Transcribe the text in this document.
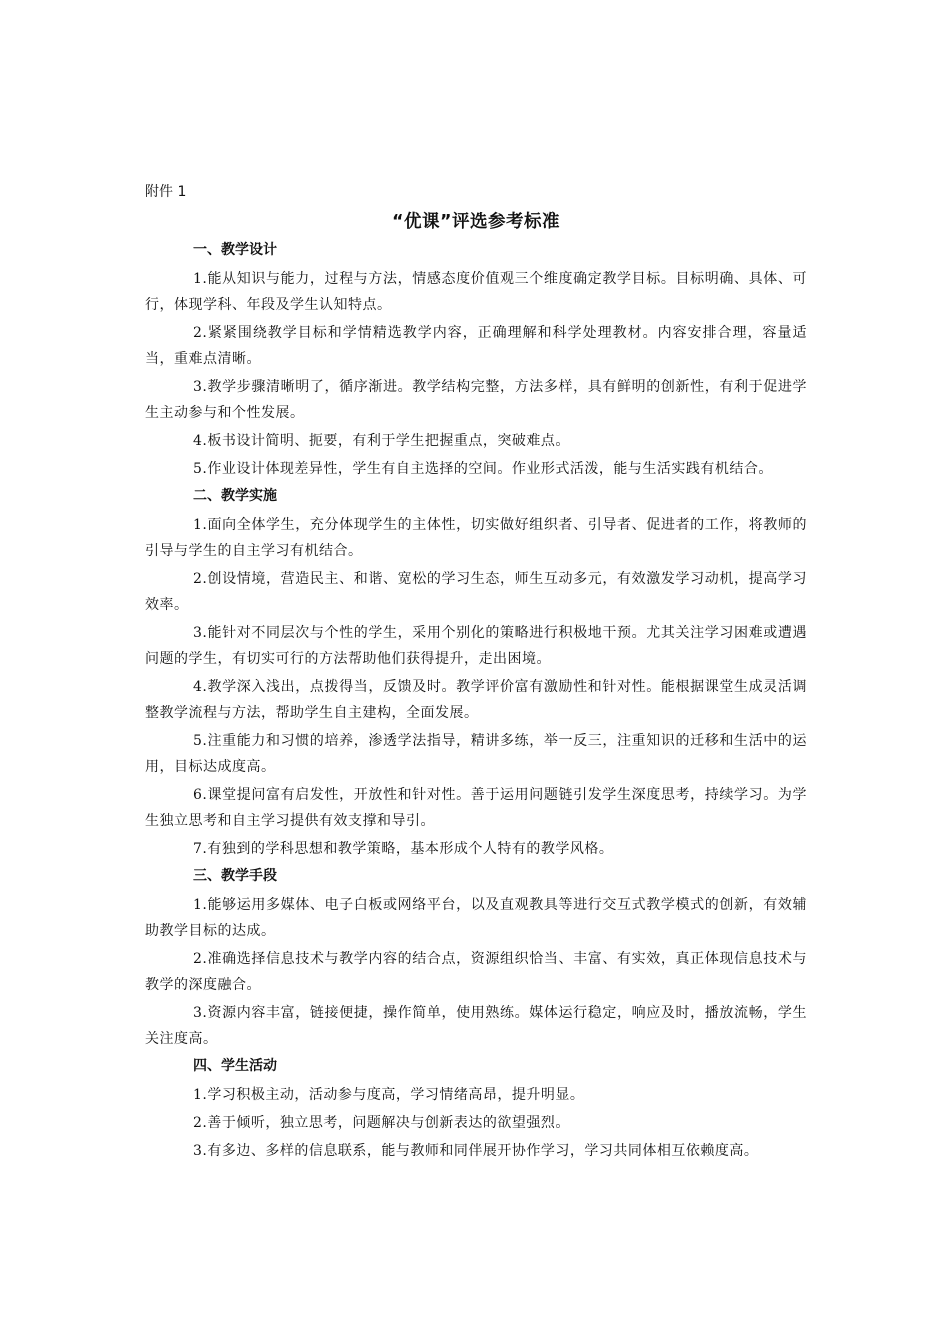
附件 1
“优课”评选参考标准
一、教学设计
1.能从知识与能力，过程与方法，情感态度价值观三个维度确定教学目标。目标明确、具体、可行，体现学科、年段及学生认知特点。
2.紧紧围绕教学目标和学情精选教学内容，正确理解和科学处理教材。内容安排合理，容量适当，重难点清晰。
3.教学步骤清晰明了，循序渐进。教学结构完整，方法多样，具有鲜明的创新性，有利于促进学生主动参与和个性发展。
4.板书设计简明、扼要，有利于学生把握重点，突破难点。
5.作业设计体现差异性，学生有自主选择的空间。作业形式活泼，能与生活实践有机结合。
二、教学实施
1.面向全体学生，充分体现学生的主体性，切实做好组织者、引导者、促进者的工作，将教师的引导与学生的自主学习有机结合。
2.创设情境，营造民主、和谐、宽松的学习生态，师生互动多元，有效激发学习动机，提高学习效率。
3.能针对不同层次与个性的学生，采用个别化的策略进行积极地干预。尤其关注学习困难或遭遇问题的学生，有切实可行的方法帮助他们获得提升，走出困境。
4.教学深入浅出，点拨得当，反馈及时。教学评价富有激励性和针对性。能根据课堂生成灵活调整教学流程与方法，帮助学生自主建构，全面发展。
5.注重能力和习惯的培养，渗透学法指导，精讲多练，举一反三，注重知识的迁移和生活中的运用，目标达成度高。
6.课堂提问富有启发性，开放性和针对性。善于运用问题链引发学生深度思考，持续学习。为学生独立思考和自主学习提供有效支撑和导引。
7.有独到的学科思想和教学策略，基本形成个人特有的教学风格。
三、教学手段
1.能够运用多媒体、电子白板或网络平台，以及直观教具等进行交互式教学模式的创新，有效辅助教学目标的达成。
2.准确选择信息技术与教学内容的结合点，资源组织恰当、丰富、有实效，真正体现信息技术与教学的深度融合。
3.资源内容丰富，链接便捷，操作简单，使用熟练。媒体运行稳定，响应及时，播放流畅，学生关注度高。
四、学生活动
1.学习积极主动，活动参与度高，学习情绪高昂，提升明显。
2.善于倾听，独立思考，问题解决与创新表达的欲望强烈。
3.有多边、多样的信息联系，能与教师和同伴展开协作学习，学习共同体相互依赖度高。
